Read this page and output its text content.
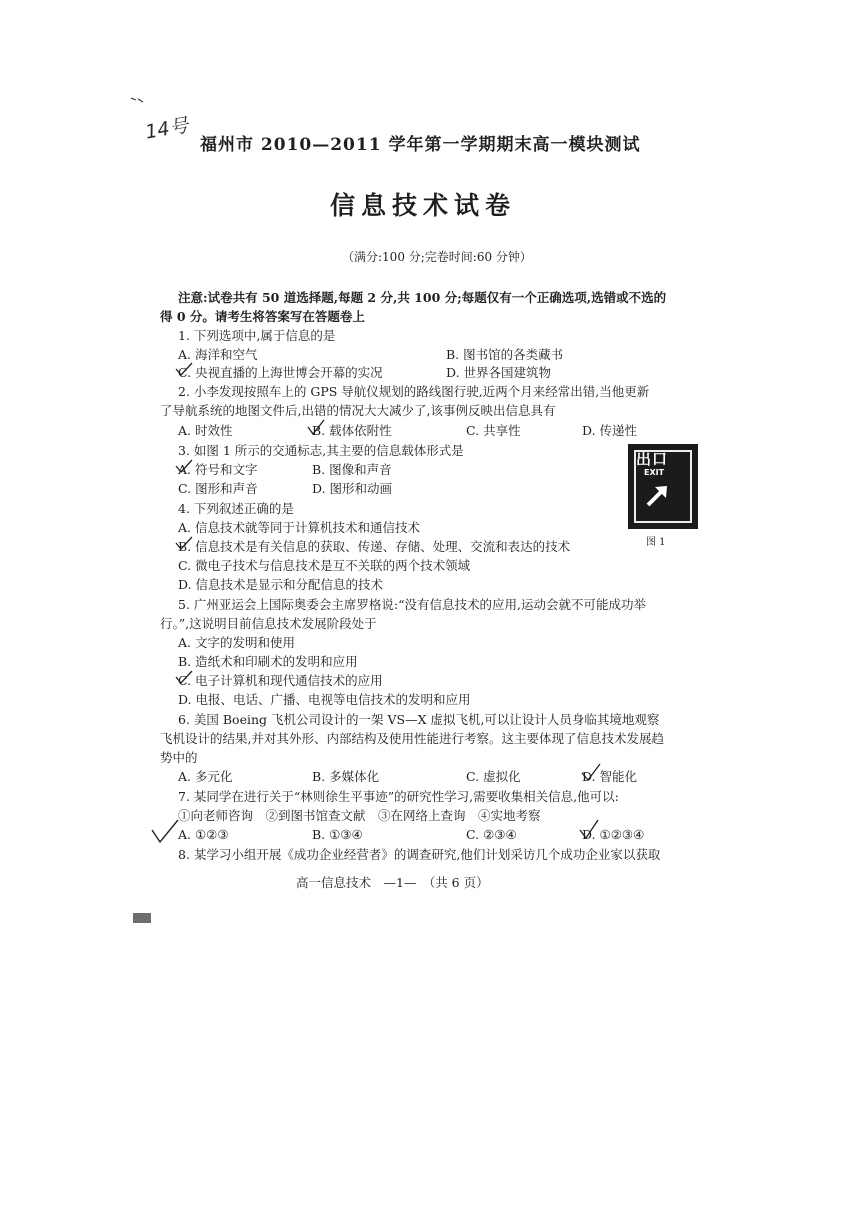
14号
福州市 2010—2011 学年第一学期期末高一模块测试
信息技术试卷
（满分:100 分;完卷时间:60 分钟）
注意:试卷共有 50 道选择题,每题 2 分,共 100 分;每题仅有一个正确选项,选错或不选的
得 0 分。请考生将答案写在答题卷上
1. 下列选项中,属于信息的是
A. 海洋和空气	B. 图书馆的各类藏书
C. 央视直播的上海世博会开幕的实况	D. 世界各国建筑物
2. 小李发现按照车上的 GPS 导航仪规划的路线图行驶,近两个月来经常出错,当他更新
了导航系统的地图文件后,出错的情况大大减少了,该事例反映出信息具有
A. 时效性	B. 载体依附性	C. 共享性	D. 传递性
3. 如图 1 所示的交通标志,其主要的信息载体形式是
A. 符号和文字	B. 图像和声音
C. 图形和声音	D. 图形和动画
出口
EXIT
图 1
4. 下列叙述正确的是
A. 信息技术就等同于计算机技术和通信技术
B. 信息技术是有关信息的获取、传递、存储、处理、交流和表达的技术
C. 微电子技术与信息技术是互不关联的两个技术领域
D. 信息技术是显示和分配信息的技术
5. 广州亚运会上国际奥委会主席罗格说:“没有信息技术的应用,运动会就不可能成功举
行。”,这说明目前信息技术发展阶段处于
A. 文字的发明和使用
B. 造纸术和印刷术的发明和应用
C. 电子计算机和现代通信技术的应用
D. 电报、电话、广播、电视等电信技术的发明和应用
6. 美国 Boeing 飞机公司设计的一架 VS—X 虚拟飞机,可以让设计人员身临其境地观察
飞机设计的结果,并对其外形、内部结构及使用性能进行考察。这主要体现了信息技术发展趋
势中的
A. 多元化	B. 多媒体化	C. 虚拟化	D. 智能化
7. 某同学在进行关于“林则徐生平事迹”的研究性学习,需要收集相关信息,他可以:
①向老师咨询　②到图书馆查文献　③在网络上查询　④实地考察
A. ①②③	B. ①③④	C. ②③④	D. ①②③④
8. 某学习小组开展《成功企业经营者》的调查研究,他们计划采访几个成功企业家以获取
高一信息技术　—1—　（共 6 页）
